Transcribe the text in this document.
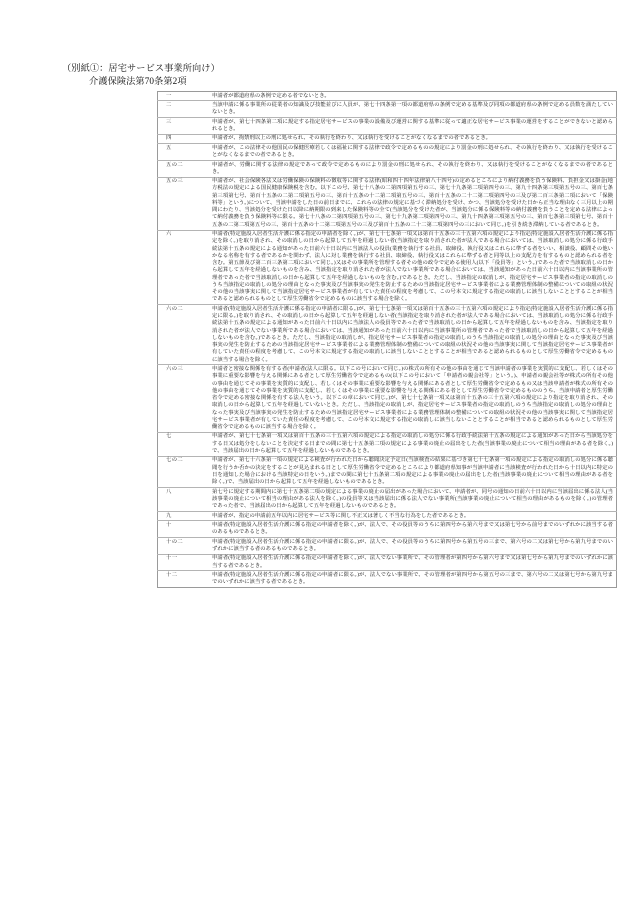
（別紙①：居宅サービス事業所向け）
介護保険法第70条第2項
一	申請者が都道府県の条例で定める者でないとき。
二	当該申請に係る事業所の従業者の知識及び技能並びに人員が、第七十四条第一項の都道府県の条例で定める基準及び同項の都道府県の条例で定める員数を満たしていないとき。
三	申請者が、第七十四条第二項に規定する指定居宅サービスの事業の設備及び運営に関する基準に従って適正な居宅サービス事業の運営をすることができないと認められるとき。
四	申請者が、拘禁刑以上の刑に処せられ、その執行を終わり、又は執行を受けることがなくなるまでの者であるとき。
五	申請者が、この法律その他国民の保健医療若しくは福祉に関する法律で政令で定めるものの規定により罰金の刑に処せられ、その執行を終わり、又は執行を受けることがなくなるまでの者であるとき。
五の二	申請者が、労働に関する法律の規定であって政令で定めるものにより罰金の刑に処せられ、その執行を終わり、又は執行を受けることがなくなるまでの者であるとき。
五の三	申請者が、社会保険各法又は労働保険の保険料の徴収等に関する法律(昭和四十四年法律第八十四号)の定めるところにより納付義務を負う保険料、負担金又は掛金(地方税法の規定による国民健康保険税を含む。以下この号、第七十八条の二第四項第五号の三、第七十九条第二項第四号の三、第九十四条第三項第五号の三、第百七条第三項第七号、第百十五条の二第二項第五号の三、第百十五条の十二第二項第五号の三、第百十五条の二十二第二項第四号の三及び第二百三条第二項において「保険料等」という。)について、当該申請をした日の前日までに、これらの法律の規定に基づく滞納処分を受け、かつ、当該処分を受けた日から正当な理由なく三月以上の期間にわたり、当該処分を受けた日以降に納期限の到来した保険料等の全て(当該処分を受けた者が、当該処分に係る保険料等の納付義務を負うことを定める法律によって納付義務を負う保険料等に限る。第七十八条の二第四項第五号の三、第七十九条第二項第四号の三、第九十四条第三項第五号の三、第百七条第三項第七号、第百十五条の二第二項第五号の三、第百十五条の十二第二項第五号の三及び第百十五条の二十二第二項第四号の三において同じ。)を引き続き滞納している者であるとき。
六	申請者(特定施設入居者生活介護に係る指定の申請者を除く。)が、第七十七条第一項又は第百十五条の三十五第六項の規定により指定(特定施設入居者生活介護に係る指定を除く。)を取り消され、その取消しの日から起算して五年を経過しない者(当該指定を取り消された者が法人である場合においては、当該取消しの処分に係る行政手続法第十五条の規定による通知があった日前六十日以内に当該法人の役員(業務を執行する社員、取締役、執行役又はこれらに準ずる者をいい、相談役、顧問その他いかなる名称を有する者であるかを問わず、法人に対し業務を執行する社員、取締役、執行役又はこれらに準ずる者と同等以上の支配力を有するものと認められる者を含む。第五節及び第二百三条第二項において同じ。)又はその事業所を管理する者その他の政令で定める使用人(以下「役員等」という。)であった者で当該取消しの日から起算して五年を経過しないものを含み、当該指定を取り消された者が法人でない事業所である場合においては、当該通知があった日前六十日以内に当該事業所の管理者であった者で当該取消しの日から起算して五年を経過しないものを含む。)であるとき。ただし、当該指定の取消しが、指定居宅サービス事業者の指定の取消しのうち当該指定の取消しの処分の理由となった事実及び当該事実の発生を防止するための当該指定居宅サービス事業者による業務管理体制の整備についての取組の状況その他の当該事実に関して当該指定居宅サービス事業者が有していた責任の程度を考慮して、この号本文に規定する指定の取消しに該当しないこととすることが相当であると認められるものとして厚生労働省令で定めるものに該当する場合を除く。
六の二	申請者(特定施設入居者生活介護に係る指定の申請者に限る。)が、第七十七条第一項又は第百十五条の三十五第六項の規定により指定(特定施設入居者生活介護に係る指定に限る。)を取り消され、その取消しの日から起算して五年を経過しない者(当該指定を取り消された者が法人である場合においては、当該取消しの処分に係る行政手続法第十五条の規定による通知があった日前六十日以内に当該法人の役員等であった者で当該取消しの日から起算して五年を経過しないものを含み、当該指定を取り消された者が法人でない事業所である場合においては、当該通知があった日前六十日以内に当該事業所の管理者であった者で当該取消しの日から起算して五年を経過しないものを含む。)であるとき。ただし、当該指定の取消しが、指定居宅サービス事業者の指定の取消しのうち当該指定の取消しの処分の理由となった事実及び当該事実の発生を防止するための当該指定居宅サービス事業者による業務管理体制の整備についての取組の状況その他の当該事実に関して当該指定居宅サービス事業者が有していた責任の程度を考慮して、この号本文に規定する指定の取消しに該当しないこととすることが相当であると認められるものとして厚生労働省令で定めるものに該当する場合を除く。
六の三	申請者と密接な関係を有する者(申請者(法人に限る。以下この号において同じ。)の株式の所有その他の事由を通じて当該申請者の事業を実質的に支配し、若しくはその事業に重要な影響を与える関係にある者として厚生労働省令で定めるもの(以下この号において「申請者の親会社等」という。)、申請者の親会社等が株式の所有その他の事由を通じてその事業を実質的に支配し、若しくはその事業に重要な影響を与える関係にある者として厚生労働省令で定めるもの又は当該申請者が株式の所有その他の事由を通じてその事業を実質的に支配し、若しくはその事業に重要な影響を与える関係にある者として厚生労働省令で定めるもののうち、当該申請者と厚生労働省令で定める密接な関係を有する法人をいう。以下この章において同じ。)が、第七十七条第一項又は第百十五条の三十五第六項の規定により指定を取り消され、その取消しの日から起算して五年を経過していないとき。ただし、当該指定の取消しが、指定居宅サービス事業者の指定の取消しのうち当該指定の取消しの処分の理由となった事実及び当該事実の発生を防止するための当該指定居宅サービス事業者による業務管理体制の整備についての取組の状況その他の当該事実に関して当該指定居宅サービス事業者が有していた責任の程度を考慮して、この号本文に規定する指定の取消しに該当しないこととすることが相当であると認められるものとして厚生労働省令で定めるものに該当する場合を除く。
七	申請者が、第七十七条第一項又は第百十五条の三十五第六項の規定による指定の取消しの処分に係る行政手続法第十五条の規定による通知があった日から当該処分をする日又は処分をしないことを決定する日までの間に第七十五条第二項の規定による事業の廃止の届出をした者(当該事業の廃止について相当の理由がある者を除く。)で、当該届出の日から起算して五年を経過しないものであるとき。
七の二	申請者が、第七十六条第一項の規定による検査が行われた日から聴聞決定予定日(当該検査の結果に基づき第七十七条第一項の規定による指定の取消しの処分に係る聴聞を行うか否かの決定をすることが見込まれる日として厚生労働省令で定めるところにより都道府県知事が当該申請者に当該検査が行われた日から十日以内に特定の日を通知した場合における当該特定の日をいう。)までの間に第七十五条第二項の規定による事業の廃止の届出をした者(当該事業の廃止について相当の理由がある者を除く。)で、当該届出の日から起算して五年を経過しないものであるとき。
八	第七号に規定する期間内に第七十五条第二項の規定による事業の廃止の届出があった場合において、申請者が、同号の通知の日前六十日以内に当該届出に係る法人(当該事業の廃止について相当の理由がある法人を除く。)の役員等又は当該届出に係る法人でない事業所(当該事業の廃止について相当の理由があるものを除く。)の管理者であった者で、当該届出の日から起算して五年を経過しないものであるとき。
九	申請者が、指定の申請前五年以内に居宅サービス等に関し不正又は著しく不当な行為をした者であるとき。
十	申請者(特定施設入居者生活介護に係る指定の申請者を除く。)が、法人で、その役員等のうちに第四号から第六号まで又は第七号から前号までのいずれかに該当する者のあるものであるとき。
十の二	申請者(特定施設入居者生活介護に係る指定の申請者に限る。)が、法人で、その役員等のうちに第四号から第五号の三まで、第六号の二又は第七号から第九号までのいずれかに該当する者のあるものであるとき。
十一	申請者(特定施設入居者生活介護に係る指定の申請者を除く。)が、法人でない事業所で、その管理者が第四号から第六号まで又は第七号から第九号までのいずれかに該当する者であるとき。
十二	申請者(特定施設入居者生活介護に係る指定の申請者に限る。)が、法人でない事業所で、その管理者が第四号から第五号の三まで、第六号の二又は第七号から第九号までのいずれかに該当する者であるとき。
